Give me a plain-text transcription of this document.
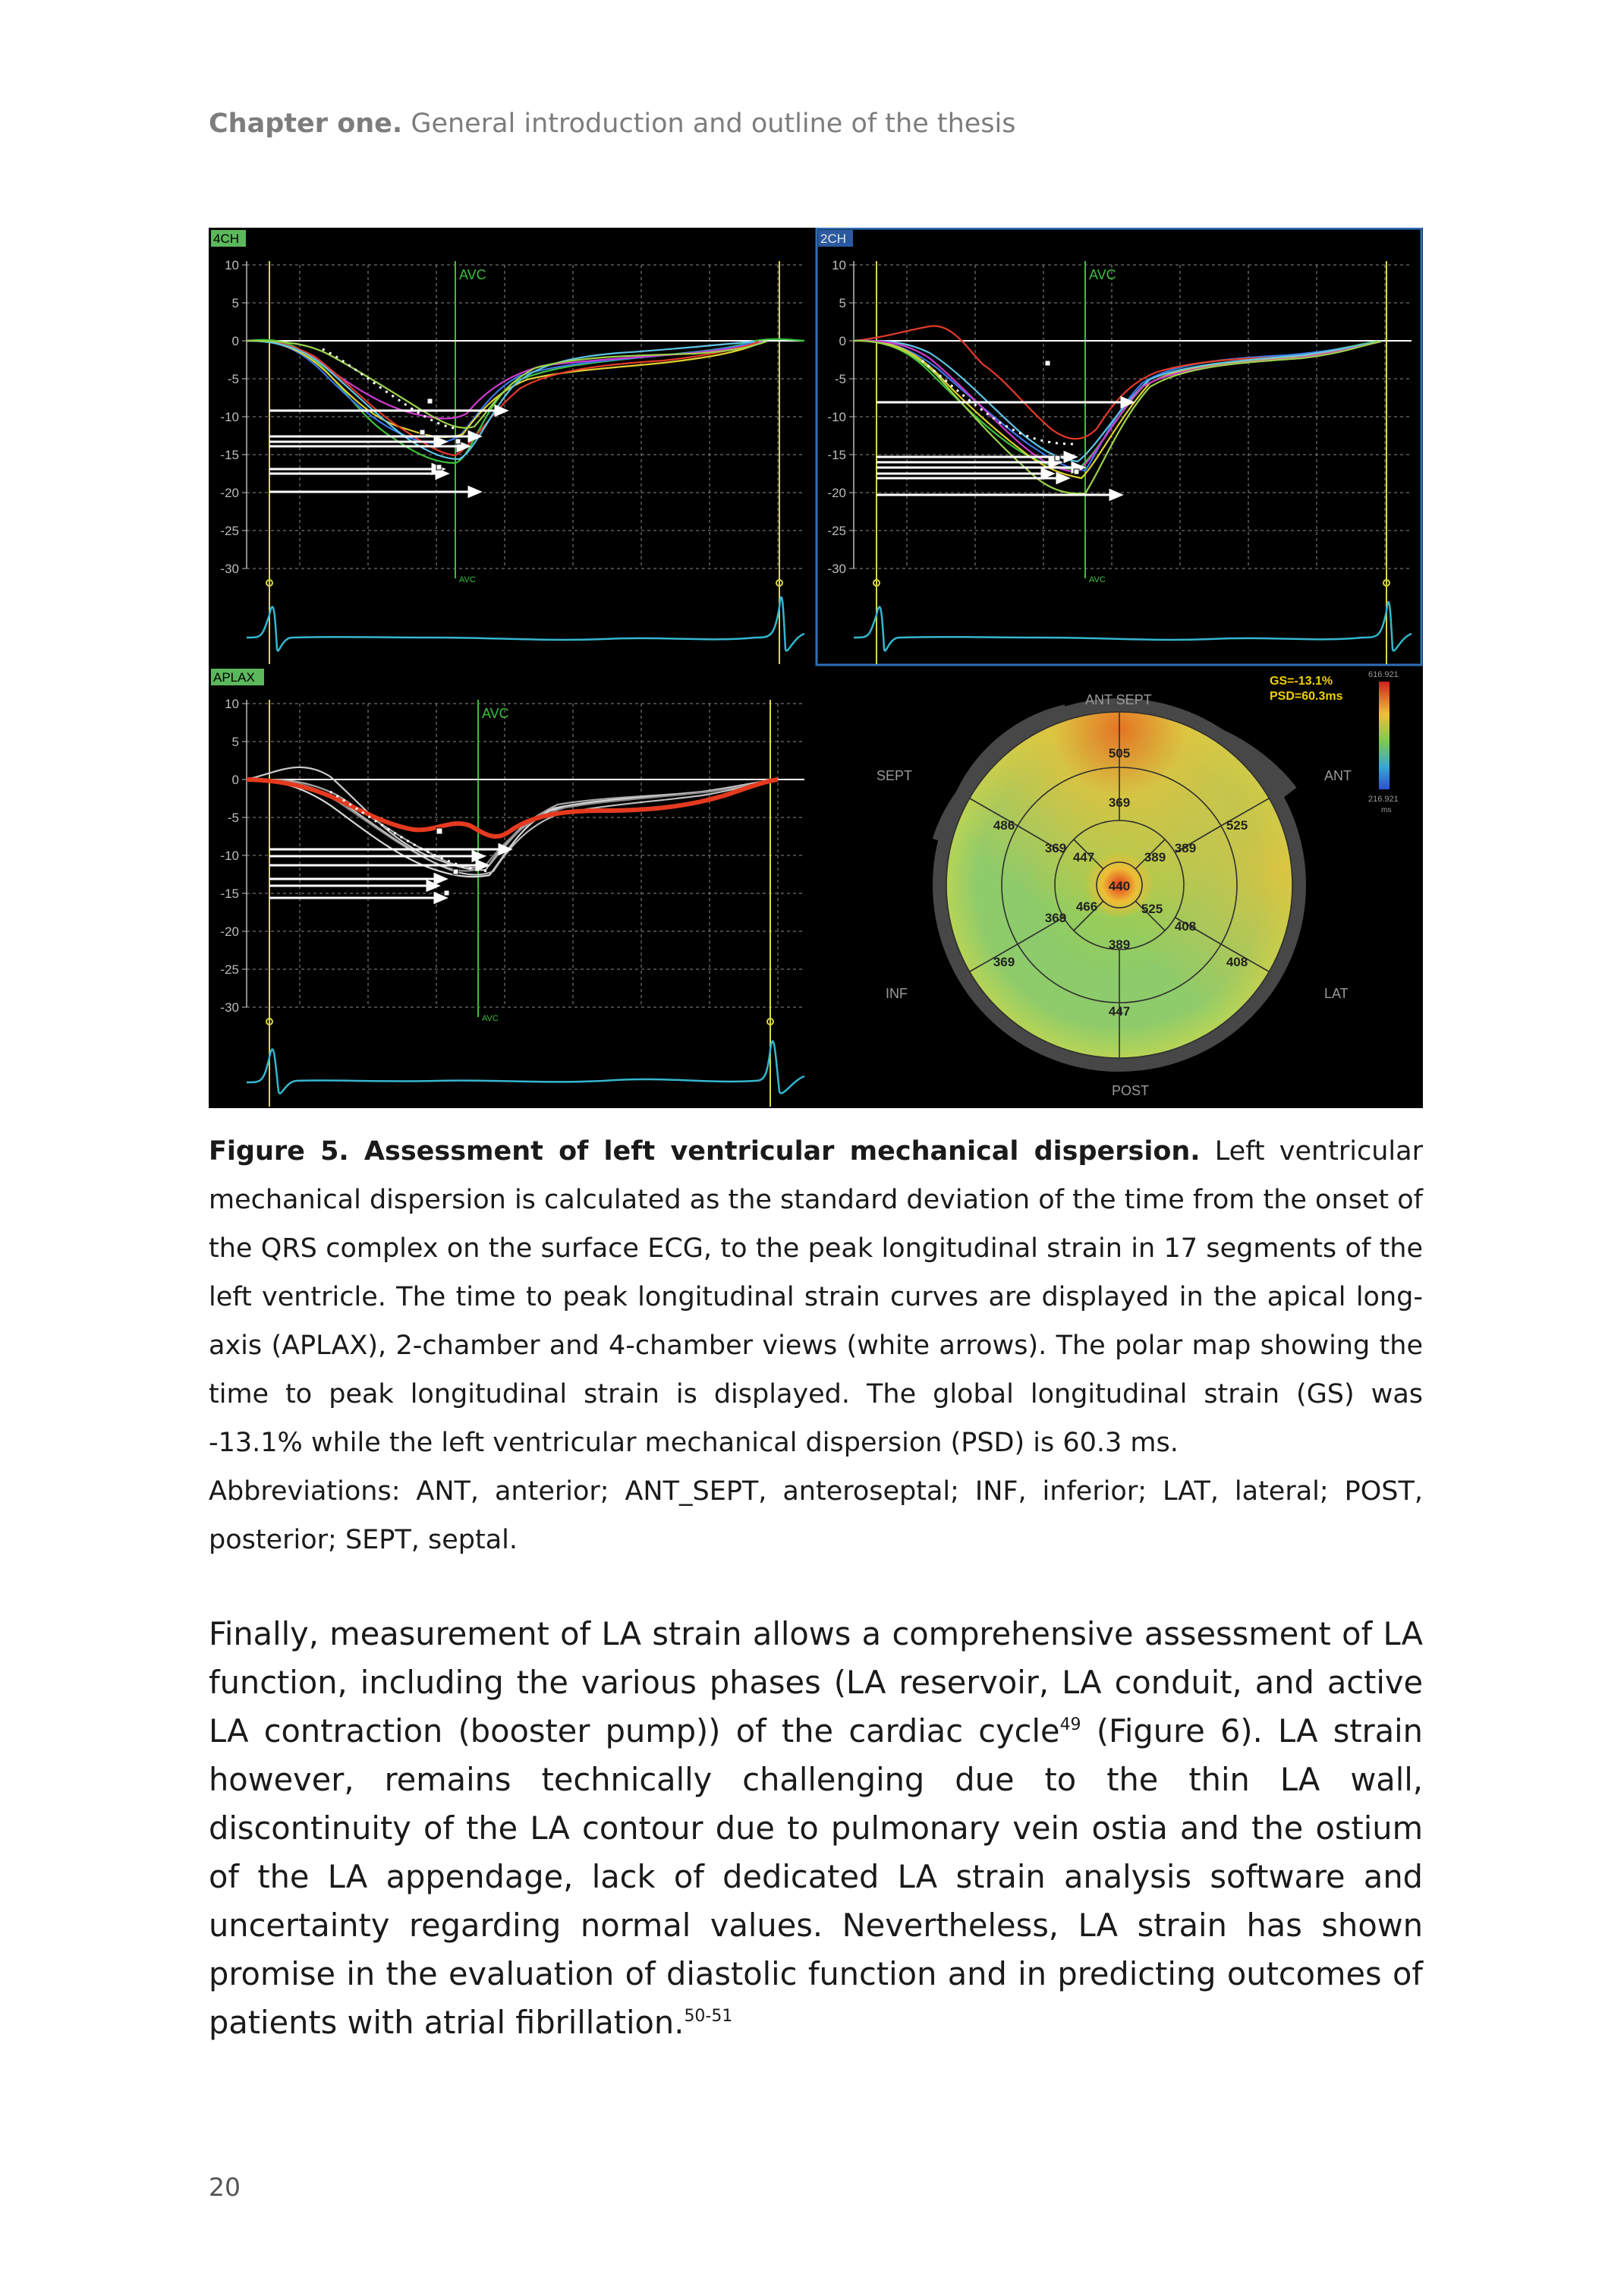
Chapter one. General introduction and outline of the thesis
4CH
10
5
0
-5
-10
-15
-20
-25
-30
AVC
AVC
2CH
10
5
0
-5
-10
-15
-20
-25
-30
AVC
AVC
APLAX
10
5
0
-5
-10
-15
-20
-25
-30
AVC
AVC
505
525
408
447
369
486
369
389
408
389
369
369
447	389
525
466
440
ANT SEPT
SEPT	ANT
INF	LAT
POST
GS=-13.1%
PSD=60.3ms
616.921
216.921
ms

Figure 5. Assessment of left ventricular mechanical dispersion. Left ventricular mechanical dispersion is calculated as the standard deviation of the time from the onset of the QRS complex on the surface ECG, to the peak longitudinal strain in 17 segments of the left ventricle. The time to peak longitudinal strain curves are displayed in the apical long-axis (APLAX), 2-chamber and 4-chamber views (white arrows). The polar map showing the time to peak longitudinal strain is displayed. The global longitudinal strain (GS) was -13.1% while the left ventricular mechanical dispersion (PSD) is 60.3 ms.

Abbreviations: ANT, anterior; ANT_SEPT, anteroseptal; INF, inferior; LAT, lateral; POST, posterior; SEPT, septal.

Finally, measurement of LA strain allows a comprehensive assessment of LA function, including the various phases (LA reservoir, LA conduit, and active LA contraction (booster pump)) of the cardiac cycle$^{49}$ (Figure 6). LA strain however, remains technically challenging due to the thin LA wall, discontinuity of the LA contour due to pulmonary vein ostia and the ostium of the LA appendage, lack of dedicated LA strain analysis software and uncertainty regarding normal values. Nevertheless, LA strain has shown promise in the evaluation of diastolic function and in predicting outcomes of patients with atrial fibrillation.$^{50-51}$
20
